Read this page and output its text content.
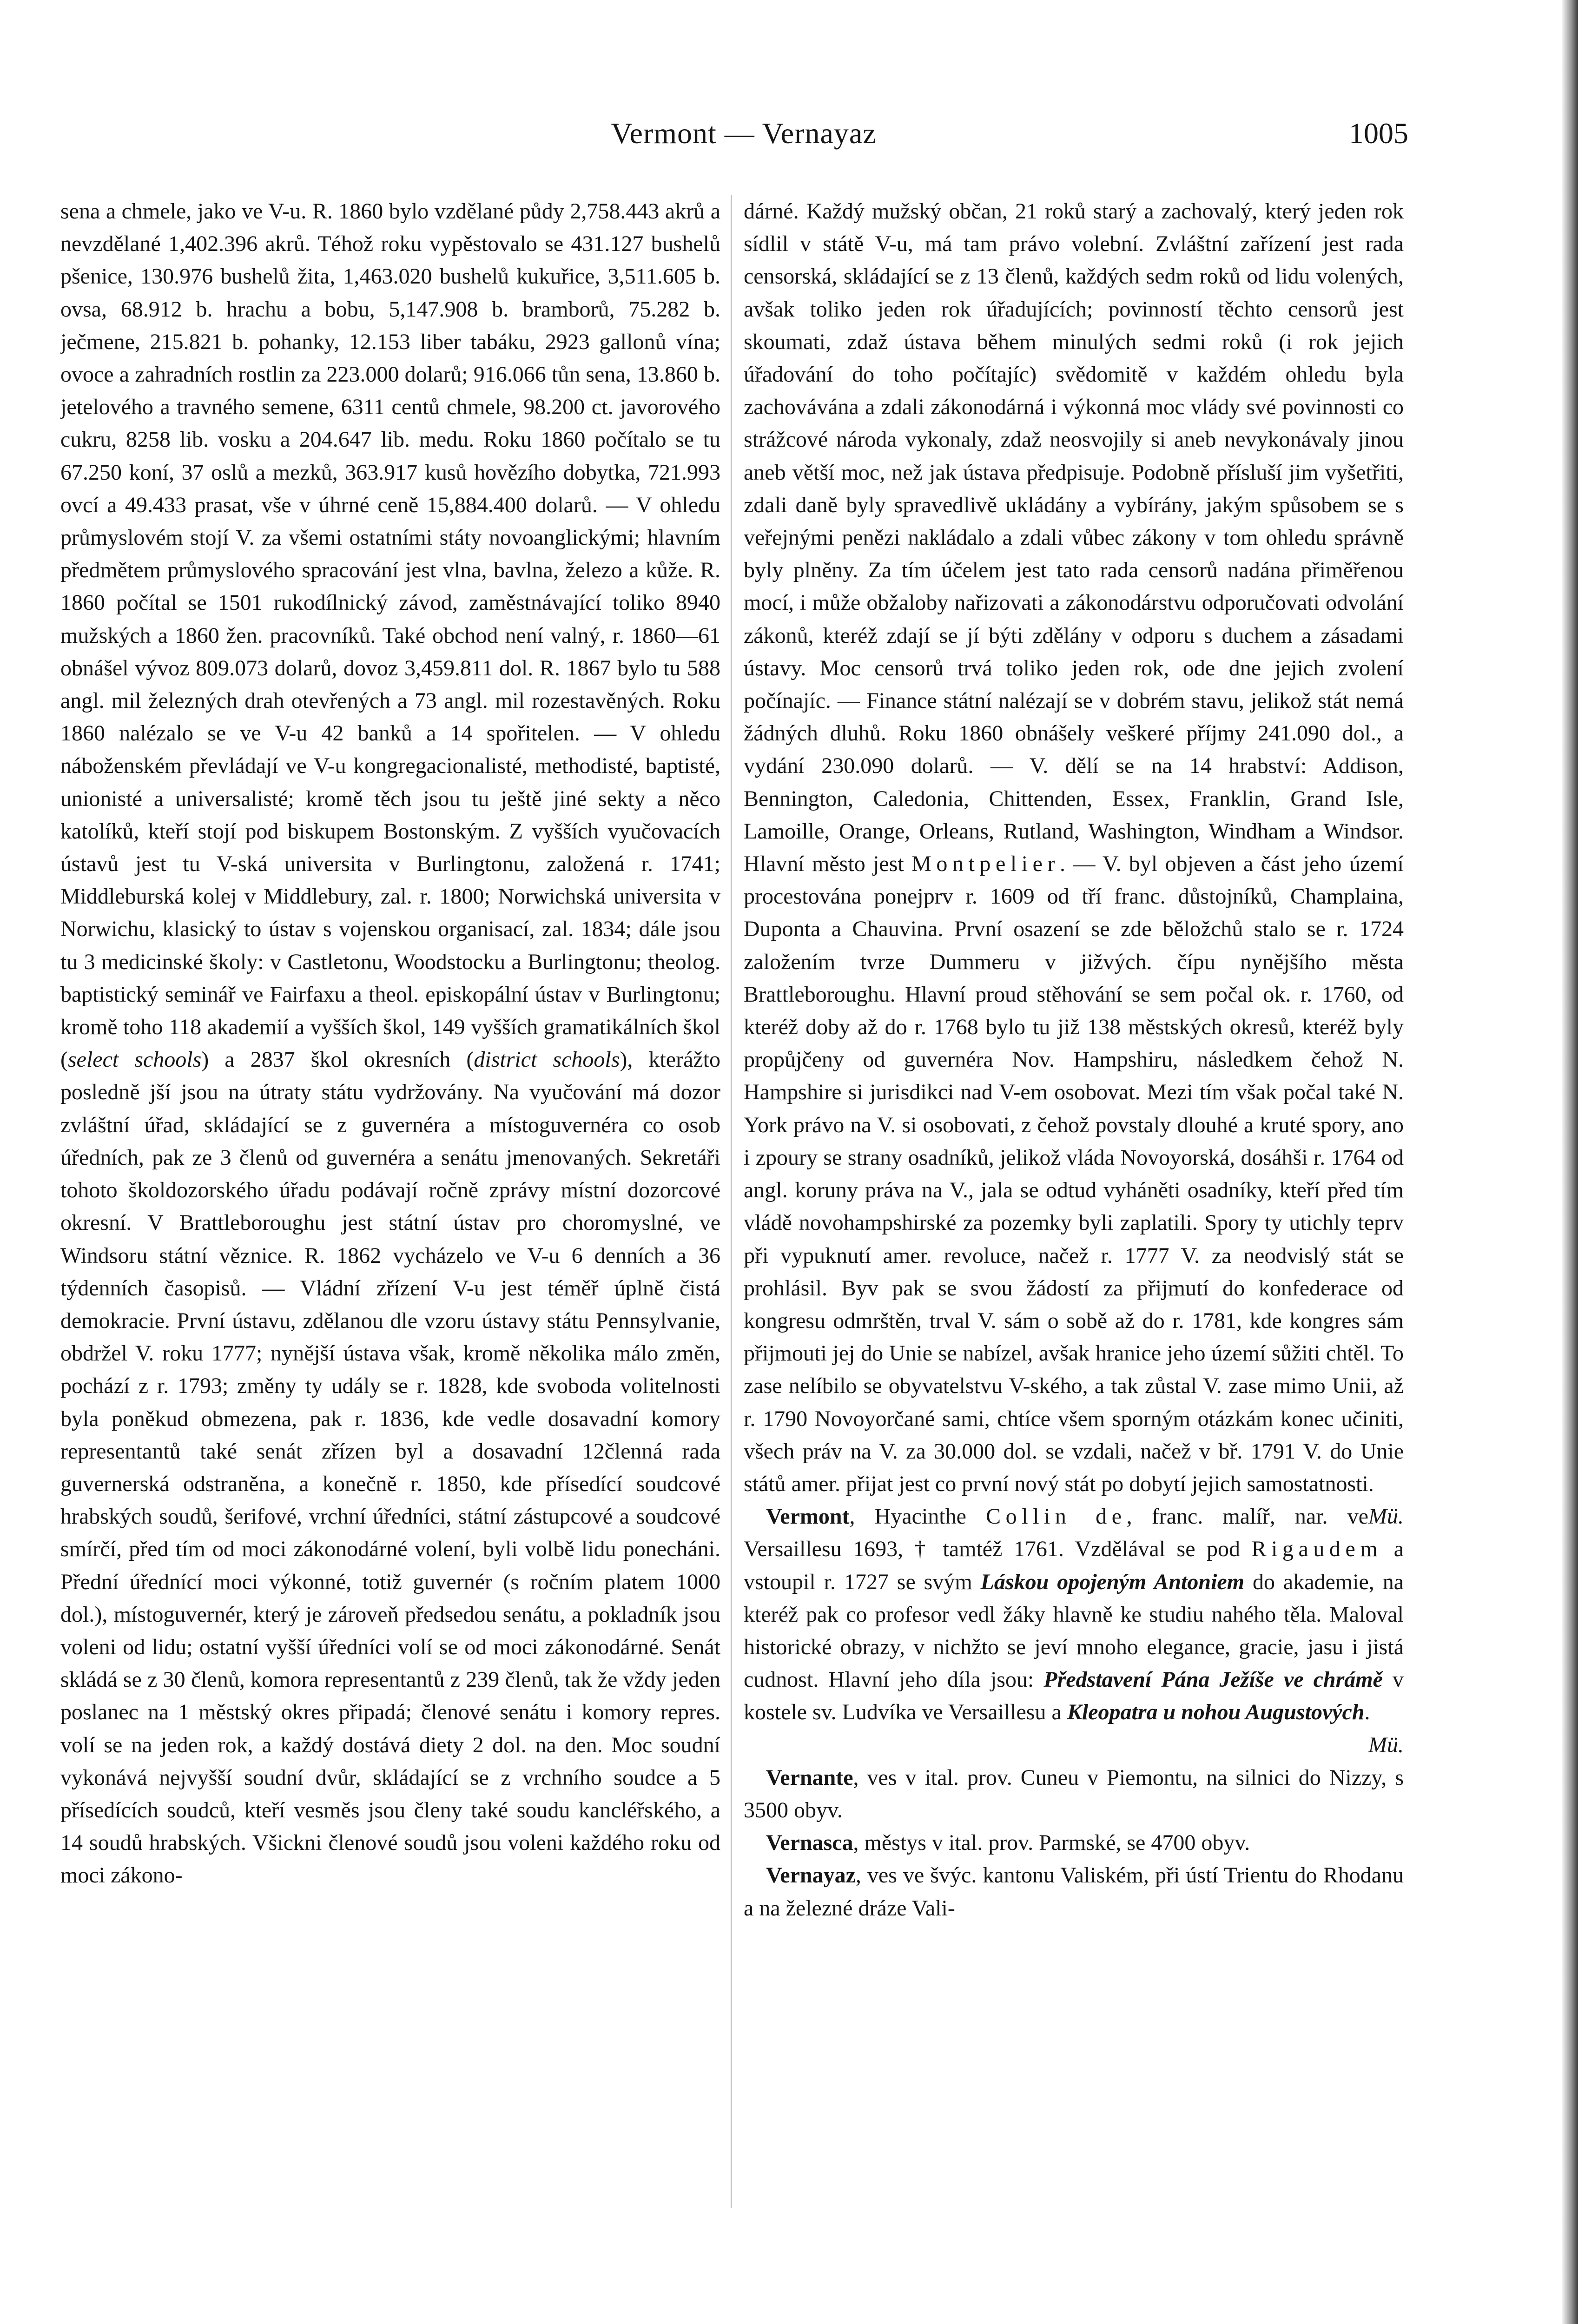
Vermont — Vernayaz	1005

sena a chmele, jako ve V-u. R. 1860 bylo vzdělané půdy 2,758.443 akrů a nevzdělané 1,402.396 akrů. Téhož roku vypěstovalo se 431.127 bushelů pšenice, 130.976 bushelů žita, 1,463.020 bushelů kukuřice, 3,511.605 b. ovsa, 68.912 b. hrachu a bobu, 5,147.908 b. bramborů, 75.282 b. ječmene, 215.821 b. pohanky, 12.153 liber tabáku, 2923 gallonů vína; ovoce a zahradních rostlin za 223.000 dolarů; 916.066 tůn sena, 13.860 b. jetelového a travného semene, 6311 centů chmele, 98.200 ct. javorového cukru, 8258 lib. vosku a 204.647 lib. medu. Roku 1860 počítalo se tu 67.250 koní, 37 oslů a mezků, 363.917 kusů hovězího dobytka, 721.993 ovcí a 49.433 prasat, vše v úhrné ceně 15,884.400 dolarů. — V ohledu průmyslovém stojí V. za všemi ostatními státy novoanglickými; hlavním předmětem průmyslového spracování jest vlna, bavlna, železo a kůže. R. 1860 počítal se 1501 rukodílnický závod, zaměstnávající toliko 8940 mužských a 1860 žen. pracovníků. Také obchod není valný, r. 1860—61 obnášel vývoz 809.073 dolarů, dovoz 3,459.811 dol. R. 1867 bylo tu 588 angl. mil železných drah otevřených a 73 angl. mil rozestavěných. Roku 1860 nalézalo se ve V-u 42 banků a 14 spořitelen. — V ohledu náboženském převládají ve V-u kongregacionalisté, methodisté, baptisté, unionisté a universalisté; kromě těch jsou tu ještě jiné sekty a něco katolíků, kteří stojí pod biskupem Bostonským. Z vyšších vyučovacích ústavů jest tu V-ská universita v Burlingtonu, založená r. 1741; Middleburská kolej v Middlebury, zal. r. 1800; Norwichská universita v Norwichu, klasický to ústav s vojenskou organisací, zal. 1834; dále jsou tu 3 medicinské školy: v Castletonu, Woodstocku a Burlingtonu; theolog. baptistický seminář ve Fairfaxu a theol. episkopální ústav v Burlingtonu; kromě toho 118 akademií a vyšších škol, 149 vyšších gramatikálních škol (select schools) a 2837 škol okresních (district schools), kterážto posledně jší jsou na útraty státu vydržovány. Na vyučování má dozor zvláštní úřad, skládající se z guvernéra a místoguvernéra co osob úředních, pak ze 3 členů od guvernéra a senátu jmenovaných. Sekretáři tohoto školdozorského úřadu podávají ročně zprávy místní dozorcové okresní. V Brattleboroughu jest státní ústav pro choromyslné, ve Windsoru státní věznice. R. 1862 vycházelo ve V-u 6 denních a 36 týdenních časopisů. — Vládní zřízení V-u jest téměř úplně čistá demokracie. První ústavu, zdělanou dle vzoru ústavy státu Pennsylvanie, obdržel V. roku 1777; nynější ústava však, kromě několika málo změn, pochází z r. 1793; změny ty udály se r. 1828, kde svoboda volitelnosti byla poněkud obmezena, pak r. 1836, kde vedle dosavadní komory representantů také senát zřízen byl a dosavadní 12členná rada guvernerská odstraněna, a konečně r. 1850, kde přísedící soudcové hrabských soudů, šerifové, vrchní úředníci, státní zástupcové a soudcové smírčí, před tím od moci zákonodárné volení, byli volbě lidu ponecháni. Přední úřednící moci výkonné, totiž guvernér (s ročním platem 1000 dol.), místoguvernér, který je zároveň předsedou senátu, a pokladník jsou voleni od lidu; ostatní vyšší úředníci volí se od moci zákonodárné. Senát skládá se z 30 členů, komora representantů z 239 členů, tak že vždy jeden poslanec na 1 městský okres připadá; členové senátu i komory repres. volí se na jeden rok, a každý dostává diety 2 dol. na den. Moc soudní vykonává nejvyšší soudní dvůr, skládající se z vrchního soudce a 5 přísedících soudců, kteří vesměs jsou členy také soudu kancléřského, a 14 soudů hrabských. Všickni členové soudů jsou voleni každého roku od moci zákono-

dárné. Každý mužský občan, 21 roků starý a zachovalý, který jeden rok sídlil v státě V-u, má tam právo volební. Zvláštní zařízení jest rada censorská, skládající se z 13 členů, každých sedm roků od lidu volených, avšak toliko jeden rok úřadujících; povinností těchto censorů jest skoumati, zdaž ústava během minulých sedmi roků (i rok jejich úřadování do toho počítajíc) svědomitě v každém ohledu byla zachovávána a zdali zákonodárná i výkonná moc vlády své povinnosti co strážcové národa vykonaly, zdaž neosvojily si aneb nevykonávaly jinou aneb větší moc, než jak ústava předpisuje. Podobně přísluší jim vyšetřiti, zdali daně byly spravedlivě ukládány a vybírány, jakým spůsobem se s veřejnými penězi nakládalo a zdali vůbec zákony v tom ohledu správně byly plněny. Za tím účelem jest tato rada censorů nadána přiměřenou mocí, i může obžaloby nařizovati a zákonodárstvu odporučovati odvolání zákonů, kteréž zdají se jí býti zdělány v odporu s duchem a zásadami ústavy. Moc censorů trvá toliko jeden rok, ode dne jejich zvolení počínajíc. — Finance státní nalézají se v dobrém stavu, jelikož stát nemá žádných dluhů. Roku 1860 obnášely veškeré příjmy 241.090 dol., a vydání 230.090 dolarů. — V. dělí se na 14 hrabství: Addison, Bennington, Caledonia, Chittenden, Essex, Franklin, Grand Isle, Lamoille, Orange, Orleans, Rutland, Washington, Windham a Windsor. Hlavní město jest Montpelier. — V. byl objeven a část jeho území procestována ponejprv r. 1609 od tří franc. důstojníků, Champlaina, Duponta a Chauvina. První osazení se zde běložchů stalo se r. 1724 založením tvrze Dummeru v jižvých. čípu nynějšího města Brattleboroughu. Hlavní proud stěhování se sem počal ok. r. 1760, od kteréž doby až do r. 1768 bylo tu již 138 městských okresů, kteréž byly propůjčeny od guvernéra Nov. Hampshiru, následkem čehož N. Hampshire si jurisdikci nad V-em osobovat. Mezi tím však počal také N. York právo na V. si osobovati, z čehož povstaly dlouhé a kruté spory, ano i zpoury se strany osadníků, jelikož vláda Novoyorská, dosáhši r. 1764 od angl. koruny práva na V., jala se odtud vyháněti osadníky, kteří před tím vládě novohampshirské za pozemky byli zaplatili. Spory ty utichly teprv při vypuknutí amer. revoluce, načež r. 1777 V. za neodvislý stát se prohlásil. Byv pak se svou žádostí za přijmutí do konfederace od kongresu odmrštěn, trval V. sám o sobě až do r. 1781, kde kongres sám přijmouti jej do Unie se nabízel, avšak hranice jeho území sůžiti chtěl. To zase nelíbilo se obyvatelstvu V-ského, a tak zůstal V. zase mimo Unii, až r. 1790 Novoyorčané sami, chtíce všem sporným otázkám konec učiniti, všech práv na V. za 30.000 dol. se vzdali, načež v bř. 1791 V. do Unie států amer. přijat jest co první nový stát po dobytí jejich samostatnosti.
Mü.

Vermont, Hyacinthe Collin de, franc. malíř, nar. ve Versaillesu 1693, † tamtéž 1761. Vzdělával se pod Rigaudem a vstoupil r. 1727 se svým Láskou opojeným Antoniem do akademie, na kteréž pak co profesor vedl žáky hlavně ke studiu nahého těla. Maloval historické obrazy, v nichžto se jeví mnoho elegance, gracie, jasu i jistá cudnost. Hlavní jeho díla jsou: Představení Pána Ježíše ve chrámě v kostele sv. Ludvíka ve Versaillesu a Kleopatra u nohou Augustových.
Mü.

Vernante, ves v ital. prov. Cuneu v Piemontu, na silnici do Nizzy, s 3500 obyv.

Vernasca, městys v ital. prov. Parmské, se 4700 obyv.

Vernayaz, ves ve švýc. kantonu Valiském, při ústí Trientu do Rhodanu a na železné dráze Vali-
